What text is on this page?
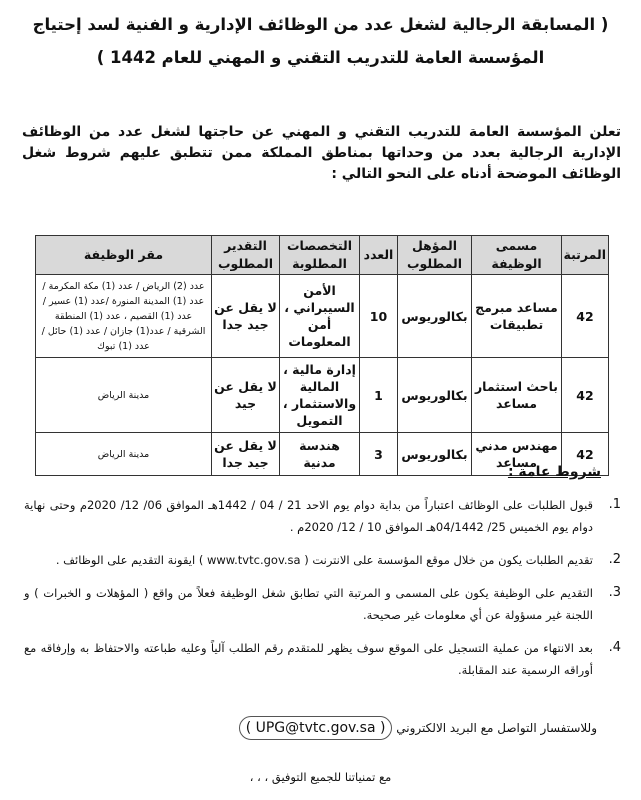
( المسابقة الرجالية لشغل عدد من الوظائف الإدارية و الفنية لسد إحتياج
المؤسسة العامة للتدريب التقني و المهني للعام 1442 )
تعلن المؤسسة العامة للتدريب التقني و المهني عن حاجتها لشغل عدد من الوظائف الإدارية الرجالية بعدد من وحداتها بمناطق المملكة ممن تتطبق عليهم شروط شغل الوظائف الموضحة أدناه على النحو التالي :
المرتبة	مسمى الوظيفة	المؤهل المطلوب	العدد	التخصصات المطلوبة	التقدير المطلوب	مقر الوظيفة
42	مساعد مبرمج تطبيقات	بكالوريوس	10	الأمن السيبراني ، أمن المعلومات	لا يقل عن جيد جدا	عدد (2) الرياض / عدد (1) مكة المكرمة / عدد (1) المدينة المنورة /عدد (1) عسير /عدد (1) القصيم ، عدد (1) المنطقة الشرقية / عدد(1) جازان / عدد (1) حائل / عدد (1) تبوك
42	باحث استثمار مساعد	بكالوريوس	1	إدارة مالية ، المالية والاستثمار ، التمويل	لا يقل عن جيد	مدينة الرياض
42	مهندس مدني مساعد	بكالوريوس	3	هندسة مدنية	لا يقل عن جيد جدا	مدينة الرياض
شروط عامة :
1.
قبول الطلبات على الوظائف اعتباراً من بداية دوام يوم الاحد 21 / 04 / 1442هـ الموافق 06/ 12/ 2020م وحتى نهاية دوام يوم الخميس 25/ 04/1442هـ الموافق 10 / 12/ 2020م .
2.
تقديم الطلبات يكون من خلال موقع المؤسسة على الانترنت ( www.tvtc.gov.sa ) ايقونة التقديم على الوظائف .
3.
التقديم على الوظيفة يكون على المسمى و المرتبة التي تطابق شغل الوظيفة فعلاً من واقع ( المؤهلات و الخبرات ) و اللجنة غير مسؤولة عن أي معلومات غير صحيحة.
4.
بعد الانتهاء من عملية التسجيل على الموقع سوف يظهر للمتقدم رقم الطلب آلياً وعليه طباعته والاحتفاظ به وإرفاقه مع أوراقه الرسمية عند المقابلة.
وللاستفسار التواصل مع البريد الالكتروني ( UPG@tvtc.gov.sa )
مع تمنياتنا للجميع التوفيق ، ، ،
